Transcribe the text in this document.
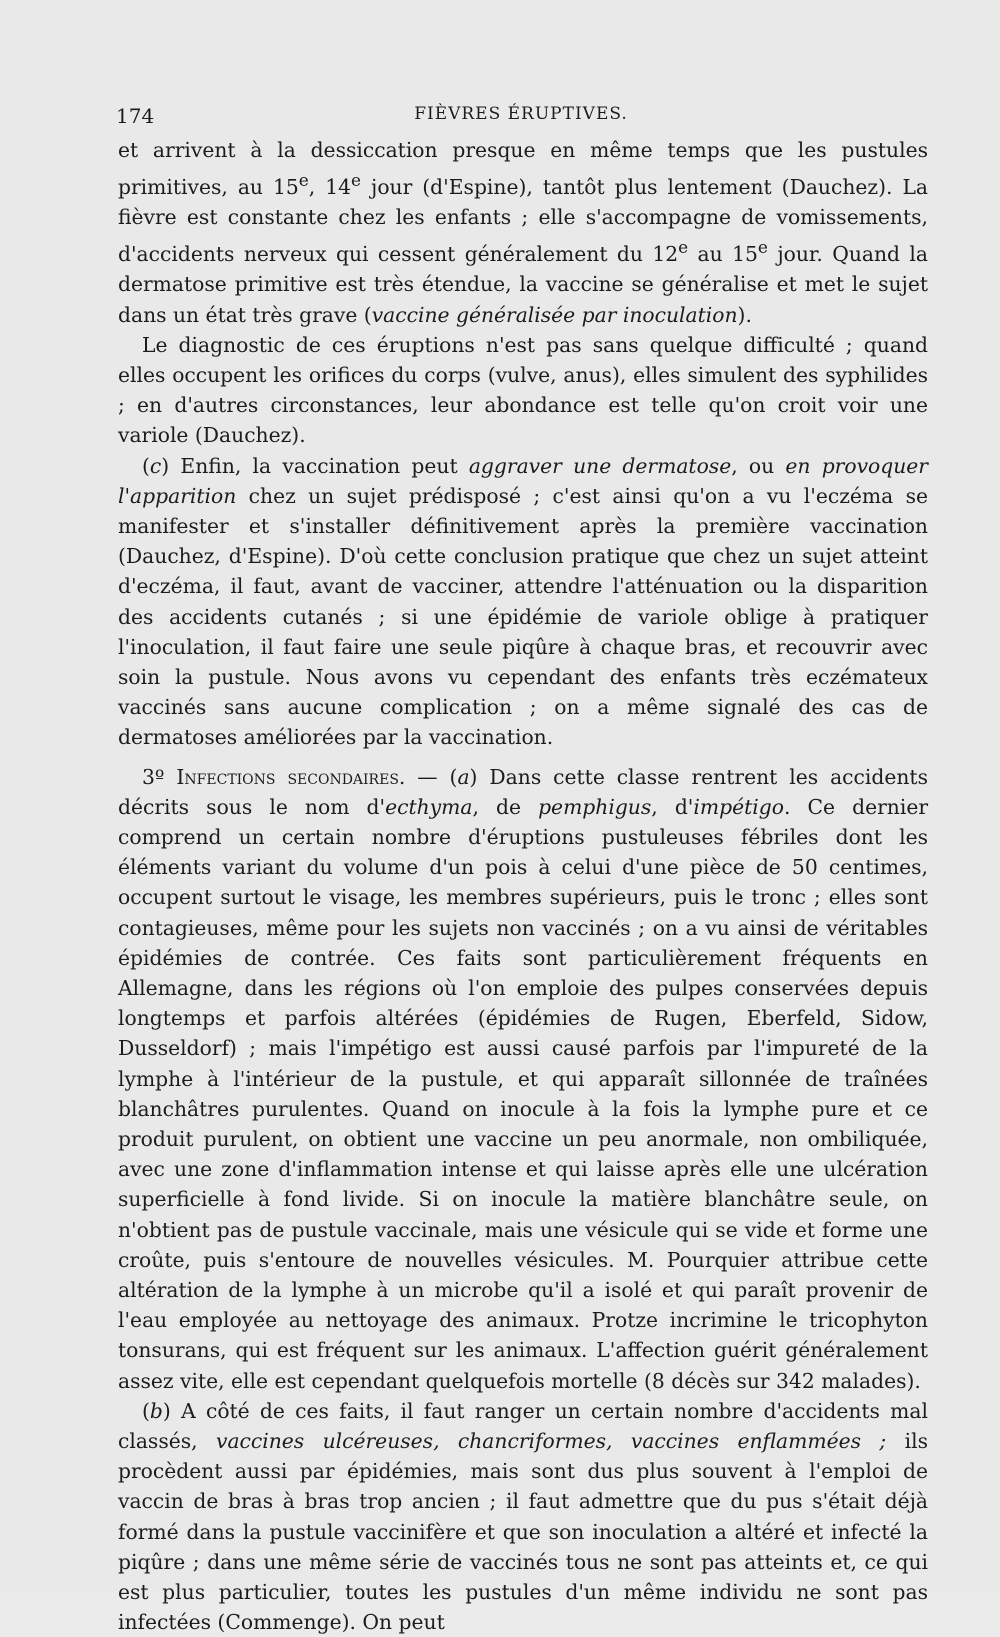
174	FIÈVRES ÉRUPTIVES.

et arrivent à la dessiccation presque en même temps que les pustules primitives, au 15e, 14e jour (d'Espine), tantôt plus lentement (Dauchez). La fièvre est constante chez les enfants ; elle s'accompagne de vomissements, d'accidents nerveux qui cessent généralement du 12e au 15e jour. Quand la dermatose primitive est très étendue, la vaccine se généralise et met le sujet dans un état très grave (vaccine généralisée par inoculation).

Le diagnostic de ces éruptions n'est pas sans quelque difficulté ; quand elles occupent les orifices du corps (vulve, anus), elles simulent des syphilides ; en d'autres circonstances, leur abondance est telle qu'on croit voir une variole (Dauchez).

(c) Enfin, la vaccination peut aggraver une dermatose, ou en provoquer l'apparition chez un sujet prédisposé ; c'est ainsi qu'on a vu l'eczéma se manifester et s'installer définitivement après la première vaccination (Dauchez, d'Espine). D'où cette conclusion pratique que chez un sujet atteint d'eczéma, il faut, avant de vacciner, attendre l'atténuation ou la disparition des accidents cutanés ; si une épidémie de variole oblige à pratiquer l'inoculation, il faut faire une seule piqûre à chaque bras, et recouvrir avec soin la pustule. Nous avons vu cependant des enfants très eczémateux vaccinés sans aucune complication ; on a même signalé des cas de dermatoses améliorées par la vaccination.

3º Infections secondaires. — (a) Dans cette classe rentrent les accidents décrits sous le nom d'ecthyma, de pemphigus, d'impétigo. Ce dernier comprend un certain nombre d'éruptions pustuleuses fébriles dont les éléments variant du volume d'un pois à celui d'une pièce de 50 centimes, occupent surtout le visage, les membres supérieurs, puis le tronc ; elles sont contagieuses, même pour les sujets non vaccinés ; on a vu ainsi de véritables épidémies de contrée. Ces faits sont particulièrement fréquents en Allemagne, dans les régions où l'on emploie des pulpes conservées depuis longtemps et parfois altérées (épidémies de Rugen, Eberfeld, Sidow, Dusseldorf) ; mais l'impétigo est aussi causé parfois par l'impureté de la lymphe à l'intérieur de la pustule, et qui apparaît sillonnée de traînées blanchâtres purulentes. Quand on inocule à la fois la lymphe pure et ce produit purulent, on obtient une vaccine un peu anormale, non ombiliquée, avec une zone d'inflammation intense et qui laisse après elle une ulcération superficielle à fond livide. Si on inocule la matière blanchâtre seule, on n'obtient pas de pustule vaccinale, mais une vésicule qui se vide et forme une croûte, puis s'entoure de nouvelles vésicules. M. Pourquier attribue cette altération de la lymphe à un microbe qu'il a isolé et qui paraît provenir de l'eau employée au nettoyage des animaux. Protze incrimine le tricophyton tonsurans, qui est fréquent sur les animaux. L'affection guérit généralement assez vite, elle est cependant quelquefois mortelle (8 décès sur 342 malades).

(b) A côté de ces faits, il faut ranger un certain nombre d'accidents mal classés, vaccines ulcéreuses, chancriformes, vaccines enflammées ; ils procèdent aussi par épidémies, mais sont dus plus souvent à l'emploi de vaccin de bras à bras trop ancien ; il faut admettre que du pus s'était déjà formé dans la pustule vaccinifère et que son inoculation a altéré et infecté la piqûre ; dans une même série de vaccinés tous ne sont pas atteints et, ce qui est plus particulier, toutes les pustules d'un même individu ne sont pas infectées (Commenge). On peut
